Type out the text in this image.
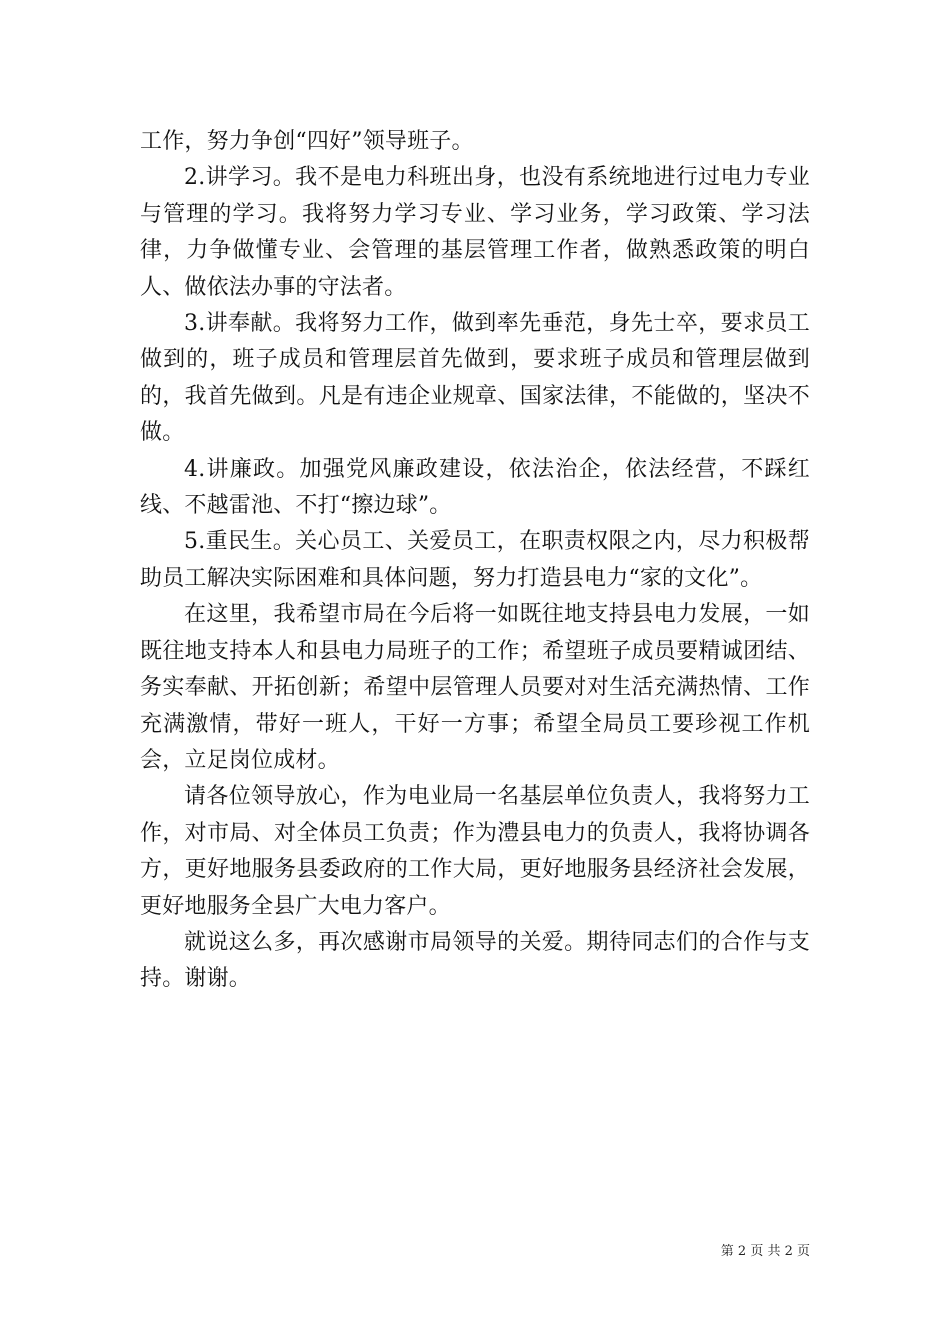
工作，努力争创“四好”领导班子。

2.讲学习。我不是电力科班出身，也没有系统地进行过电力专业与管理的学习。我将努力学习专业、学习业务，学习政策、学习法律，力争做懂专业、会管理的基层管理工作者，做熟悉政策的明白人、做依法办事的守法者。

3.讲奉献。我将努力工作，做到率先垂范，身先士卒，要求员工做到的，班子成员和管理层首先做到，要求班子成员和管理层做到的，我首先做到。凡是有违企业规章、国家法律，不能做的，坚决不做。

4.讲廉政。加强党风廉政建设，依法治企，依法经营，不踩红线、不越雷池、不打“擦边球”。

5.重民生。关心员工、关爱员工，在职责权限之内，尽力积极帮助员工解决实际困难和具体问题，努力打造县电力“家的文化”。

在这里，我希望市局在今后将一如既往地支持县电力发展，一如既往地支持本人和县电力局班子的工作；希望班子成员要精诚团结、务实奉献、开拓创新；希望中层管理人员要对对生活充满热情、工作充满激情，带好一班人，干好一方事；希望全局员工要珍视工作机会，立足岗位成材。

请各位领导放心，作为电业局一名基层单位负责人，我将努力工作，对市局、对全体员工负责；作为澧县电力的负责人，我将协调各方，更好地服务县委政府的工作大局，更好地服务县经济社会发展，更好地服务全县广大电力客户。

就说这么多，再次感谢市局领导的关爱。期待同志们的合作与支持。谢谢。

第 2 页 共 2 页
